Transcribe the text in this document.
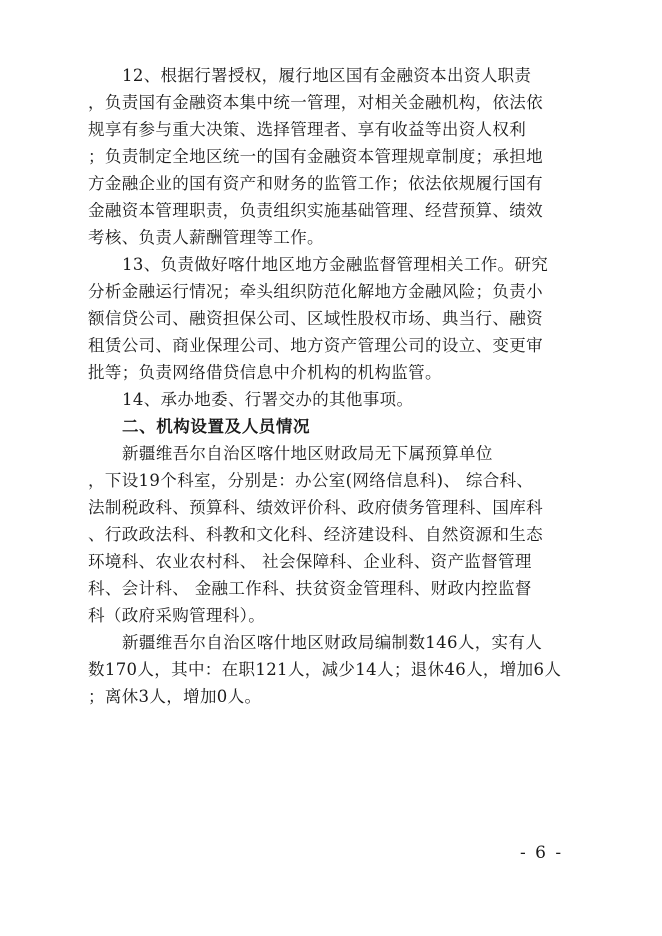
12、根据行署授权，履行地区国有金融资本出资人职责
，负责国有金融资本集中统一管理，对相关金融机构，依法依
规享有参与重大决策、选择管理者、享有收益等出资人权利
；负责制定全地区统一的国有金融资本管理规章制度；承担地
方金融企业的国有资产和财务的监管工作；依法依规履行国有
金融资本管理职责，负责组织实施基础管理、经营预算、绩效
考核、负责人薪酬管理等工作。
13、负责做好喀什地区地方金融监督管理相关工作。研究
分析金融运行情况；牵头组织防范化解地方金融风险；负责小
额信贷公司、融资担保公司、区域性股权市场、典当行、融资
租赁公司、商业保理公司、地方资产管理公司的设立、变更审
批等；负责网络借贷信息中介机构的机构监管。
14、承办地委、行署交办的其他事项。
二、机构设置及人员情况
新疆维吾尔自治区喀什地区财政局无下属预算单位
，下设19个科室，分别是：办公室(网络信息科)、 综合科、
法制税政科、预算科、绩效评价科、政府债务管理科、国库科
、行政政法科、科教和文化科、经济建设科、自然资源和生态
环境科、农业农村科、 社会保障科、企业科、资产监督管理
科、会计科、 金融工作科、扶贫资金管理科、财政内控监督
科（政府采购管理科）。
新疆维吾尔自治区喀什地区财政局编制数146人，实有人
数170人，其中：在职121人，减少14人；退休46人，增加6人
；离休3人，增加0人。
- 6 -
